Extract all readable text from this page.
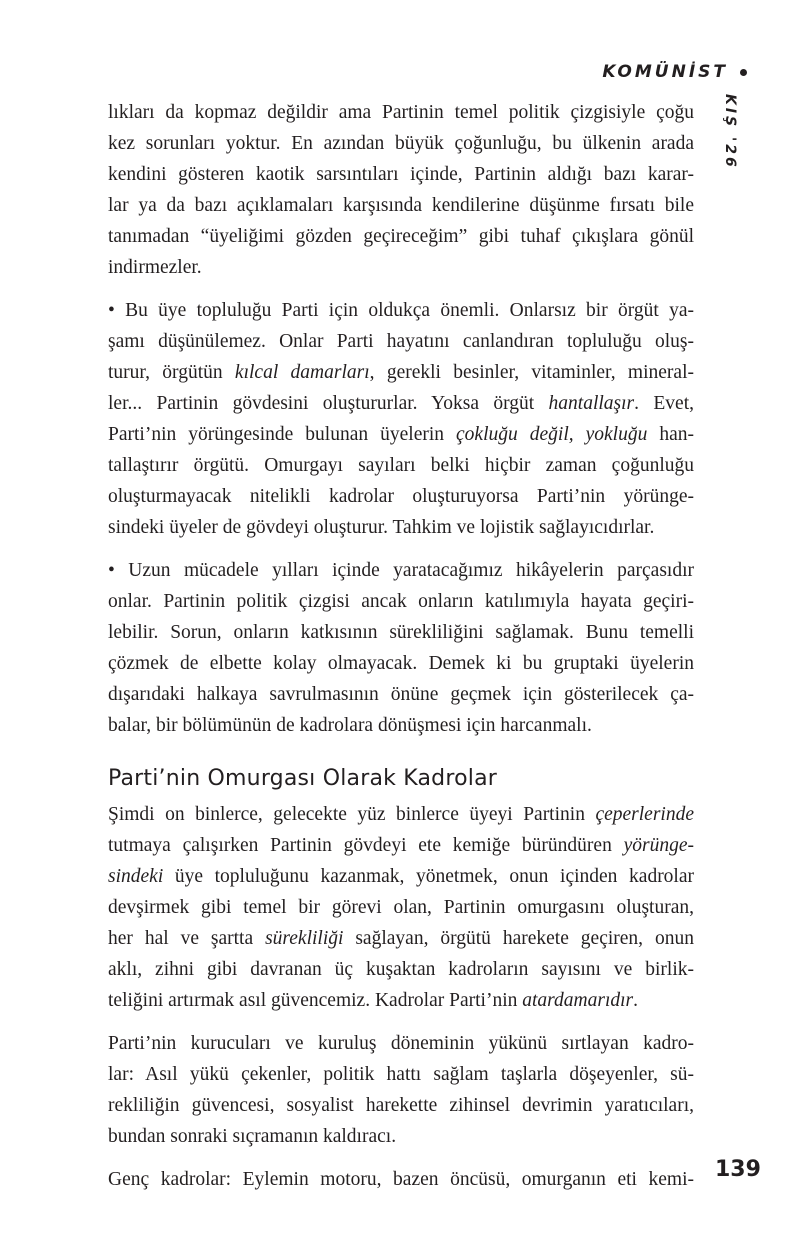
KOMÜNİST
KIŞ '26

lıkları da kopmaz değildir ama Partinin temel politik çizgisiyle çoğu
kez sorunları yoktur. En azından büyük çoğunluğu, bu ülkenin arada
kendini gösteren kaotik sarsıntıları içinde, Partinin aldığı bazı karar-
lar ya da bazı açıklamaları karşısında kendilerine düşünme fırsatı bile
tanımadan “üyeliğimi gözden geçireceğim” gibi tuhaf çıkışlara gönül
indirmezler.

• Bu üye topluluğu Parti için oldukça önemli. Onlarsız bir örgüt ya-
şamı düşünülemez. Onlar Parti hayatını canlandıran topluluğu oluş-
turur, örgütün kılcal damarları, gerekli besinler, vitaminler, mineral-
ler... Partinin gövdesini oluştururlar. Yoksa örgüt hantallaşır. Evet,
Parti’nin yörüngesinde bulunan üyelerin çokluğu değil, yokluğu han-
tallaştırır örgütü. Omurgayı sayıları belki hiçbir zaman çoğunluğu
oluşturmayacak nitelikli kadrolar oluşturuyorsa Parti’nin yörünge-
sindeki üyeler de gövdeyi oluşturur. Tahkim ve lojistik sağlayıcıdırlar.

• Uzun mücadele yılları içinde yaratacağımız hikâyelerin parçasıdır
onlar. Partinin politik çizgisi ancak onların katılımıyla hayata geçiri-
lebilir. Sorun, onların katkısının sürekliliğini sağlamak. Bunu temelli
çözmek de elbette kolay olmayacak. Demek ki bu gruptaki üyelerin
dışarıdaki halkaya savrulmasının önüne geçmek için gösterilecek ça-
balar, bir bölümünün de kadrolara dönüşmesi için harcanmalı.

Parti’nin Omurgası Olarak Kadrolar

Şimdi on binlerce, gelecekte yüz binlerce üyeyi Partinin çeperlerinde
tutmaya çalışırken Partinin gövdeyi ete kemiğe büründüren yörünge-
sindeki üye topluluğunu kazanmak, yönetmek, onun içinden kadrolar
devşirmek gibi temel bir görevi olan, Partinin omurgasını oluşturan,
her hal ve şartta sürekliliği sağlayan, örgütü harekete geçiren, onun
aklı, zihni gibi davranan üç kuşaktan kadroların sayısını ve birlik-
teliğini artırmak asıl güvencemiz. Kadrolar Parti’nin atardamarıdır.

Parti’nin kurucuları ve kuruluş döneminin yükünü sırtlayan kadro-
lar: Asıl yükü çekenler, politik hattı sağlam taşlarla döşeyenler, sü-
rekliliğin güvencesi, sosyalist harekette zihinsel devrimin yaratıcıları,
bundan sonraki sıçramanın kaldıracı.

Genç kadrolar: Eylemin motoru, bazen öncüsü, omurganın eti kemi- 139
